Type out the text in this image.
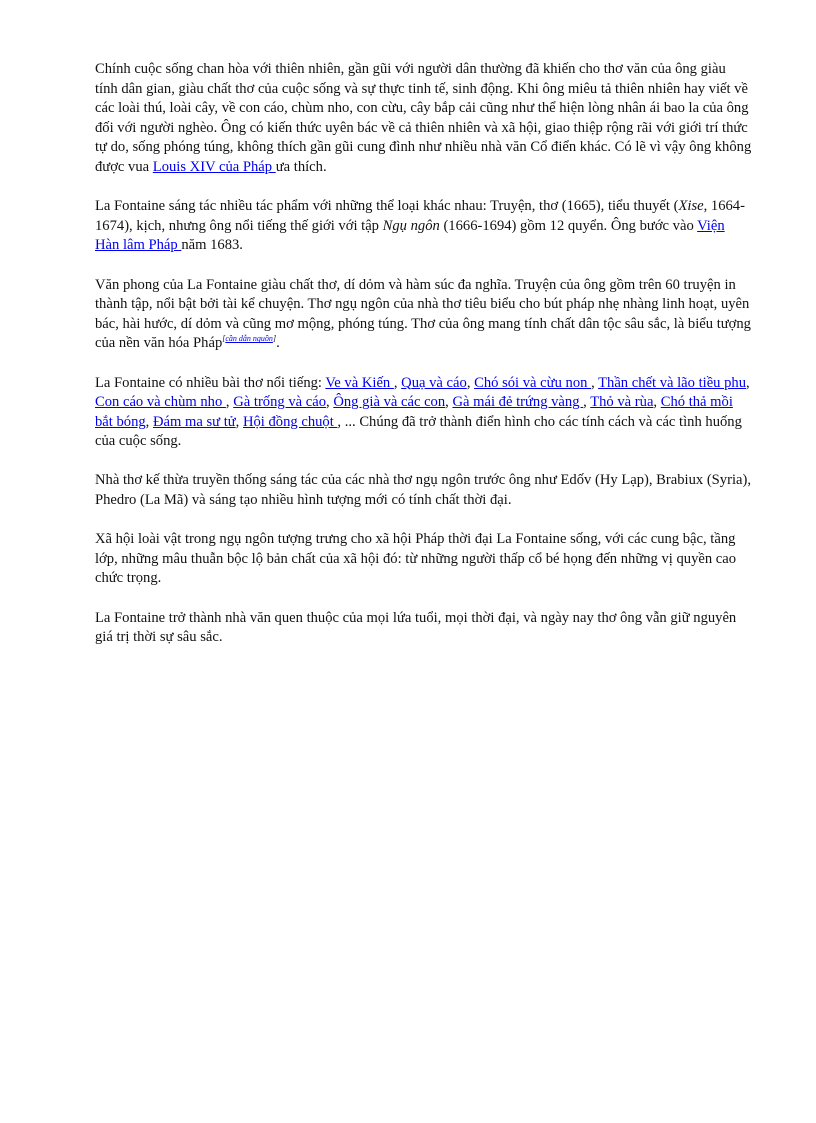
Chính cuộc sống chan hòa với thiên nhiên, gần gũi với người dân thường đã khiến cho thơ văn của ông giàu tính dân gian, giàu chất thơ của cuộc sống và sự thực tinh tế, sinh động. Khi ông miêu tả thiên nhiên hay viết về các loài thú, loài cây, về con cáo, chùm nho, con cừu, cây bắp cải cũng như thể hiện lòng nhân ái bao la của ông đối với người nghèo. Ông có kiến thức uyên bác về cả thiên nhiên và xã hội, giao thiệp rộng rãi với giới trí thức tự do, sống phóng túng, không thích gần gũi cung đình như nhiều nhà văn Cổ điển khác. Có lẽ vì vậy ông không được vua Louis XIV của Pháp ưa thích.

La Fontaine sáng tác nhiều tác phẩm với những thể loại khác nhau: Truyện, thơ (1665), tiểu thuyết (Xise, 1664-1674), kịch, nhưng ông nổi tiếng thế giới với tập Ngụ ngôn (1666-1694) gồm 12 quyển. Ông bước vào Viện Hàn lâm Pháp năm 1683.

Văn phong của La Fontaine giàu chất thơ, dí dỏm và hàm súc đa nghĩa. Truyện của ông gồm trên 60 truyện in thành tập, nổi bật bởi tài kể chuyện. Thơ ngụ ngôn của nhà thơ tiêu biểu cho bút pháp nhẹ nhàng linh hoạt, uyên bác, hài hước, dí dỏm và cũng mơ mộng, phóng túng. Thơ của ông mang tính chất dân tộc sâu sắc, là biểu tượng của nền văn hóa Pháp[cần dẫn nguồn].

La Fontaine có nhiều bài thơ nổi tiếng: Ve và Kiến , Quạ và cáo, Chó sói và cừu non , Thần chết và lão tiều phu, Con cáo và chùm nho , Gà trống và cáo, Ông già và các con, Gà mái đẻ trứng vàng , Thỏ và rùa, Chó thả mồi bắt bóng, Đám ma sư tử, Hội đồng chuột , ... Chúng đã trở thành điển hình cho các tính cách và các tình huống của cuộc sống.

Nhà thơ kế thừa truyền thống sáng tác của các nhà thơ ngụ ngôn trước ông như Edốv (Hy Lạp), Brabiux (Syria), Phedro (La Mã) và sáng tạo nhiều hình tượng mới có tính chất thời đại.

Xã hội loài vật trong ngụ ngôn tượng trưng cho xã hội Pháp thời đại La Fontaine sống, với các cung bậc, tầng lớp, những mâu thuẫn bộc lộ bản chất của xã hội đó: từ những người thấp cổ bé họng đến những vị quyền cao chức trọng.

La Fontaine trở thành nhà văn quen thuộc của mọi lứa tuổi, mọi thời đại, và ngày nay thơ ông vẫn giữ nguyên giá trị thời sự sâu sắc.
